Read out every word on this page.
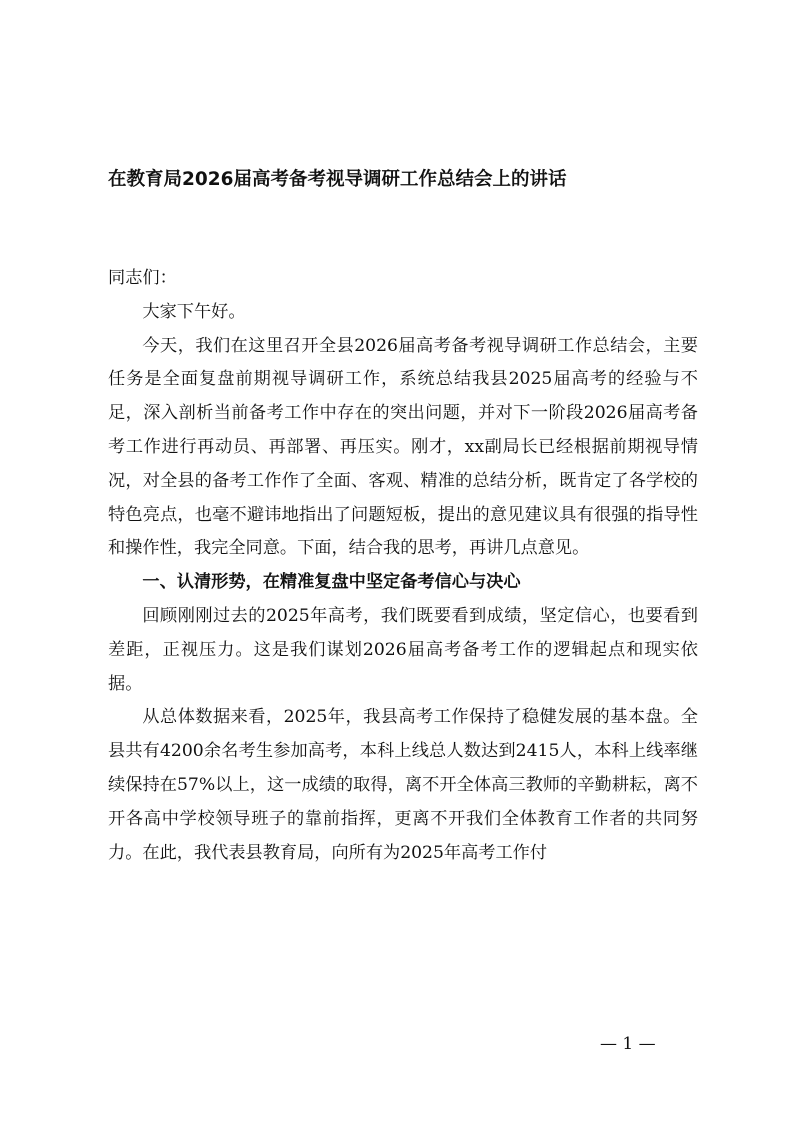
在教育局2026届高考备考视导调研工作总结会上的讲话

同志们：

大家下午好。

今天，我们在这里召开全县2026届高考备考视导调研工作总结会，主要任务是全面复盘前期视导调研工作，系统总结我县2025届高考的经验与不足，深入剖析当前备考工作中存在的突出问题，并对下一阶段2026届高考备考工作进行再动员、再部署、再压实。刚才，xx副局长已经根据前期视导情况，对全县的备考工作作了全面、客观、精准的总结分析，既肯定了各学校的特色亮点，也毫不避讳地指出了问题短板，提出的意见建议具有很强的指导性和操作性，我完全同意。下面，结合我的思考，再讲几点意见。

一、认清形势，在精准复盘中坚定备考信心与决心

回顾刚刚过去的2025年高考，我们既要看到成绩，坚定信心，也要看到差距，正视压力。这是我们谋划2026届高考备考工作的逻辑起点和现实依据。

从总体数据来看，2025年，我县高考工作保持了稳健发展的基本盘。全县共有4200余名考生参加高考，本科上线总人数达到2415人，本科上线率继续保持在57%以上，这一成绩的取得，离不开全体高三教师的辛勤耕耘，离不开各高中学校领导班子的靠前指挥，更离不开我们全体教育工作者的共同努力。在此，我代表县教育局，向所有为2025年高考工作付

— 1 —
